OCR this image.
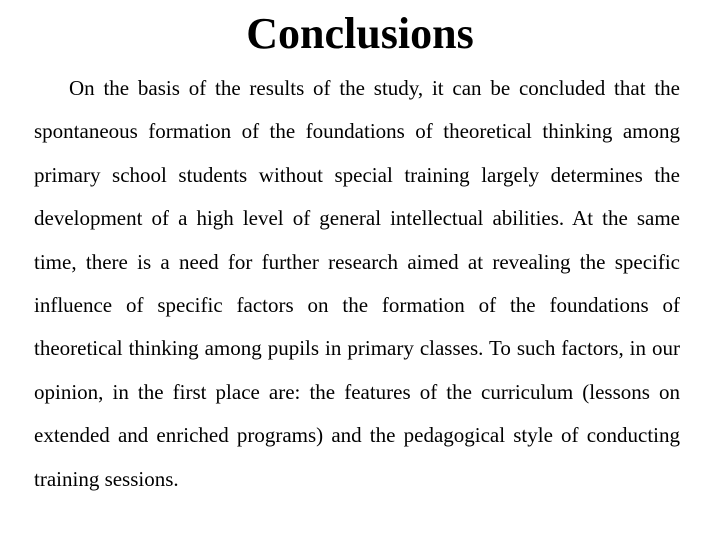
Conclusions

On the basis of the results of the study, it can be concluded that the spontaneous formation of the foundations of theoretical thinking among primary school students without special training largely determines the development of a high level of general intellectual abilities. At the same time, there is a need for further research aimed at revealing the specific influence of specific factors on the formation of the foundations of theoretical thinking among pupils in primary classes. To such factors, in our opinion, in the first place are: the features of the curriculum (lessons on extended and enriched programs) and the pedagogical style of conducting training sessions.
